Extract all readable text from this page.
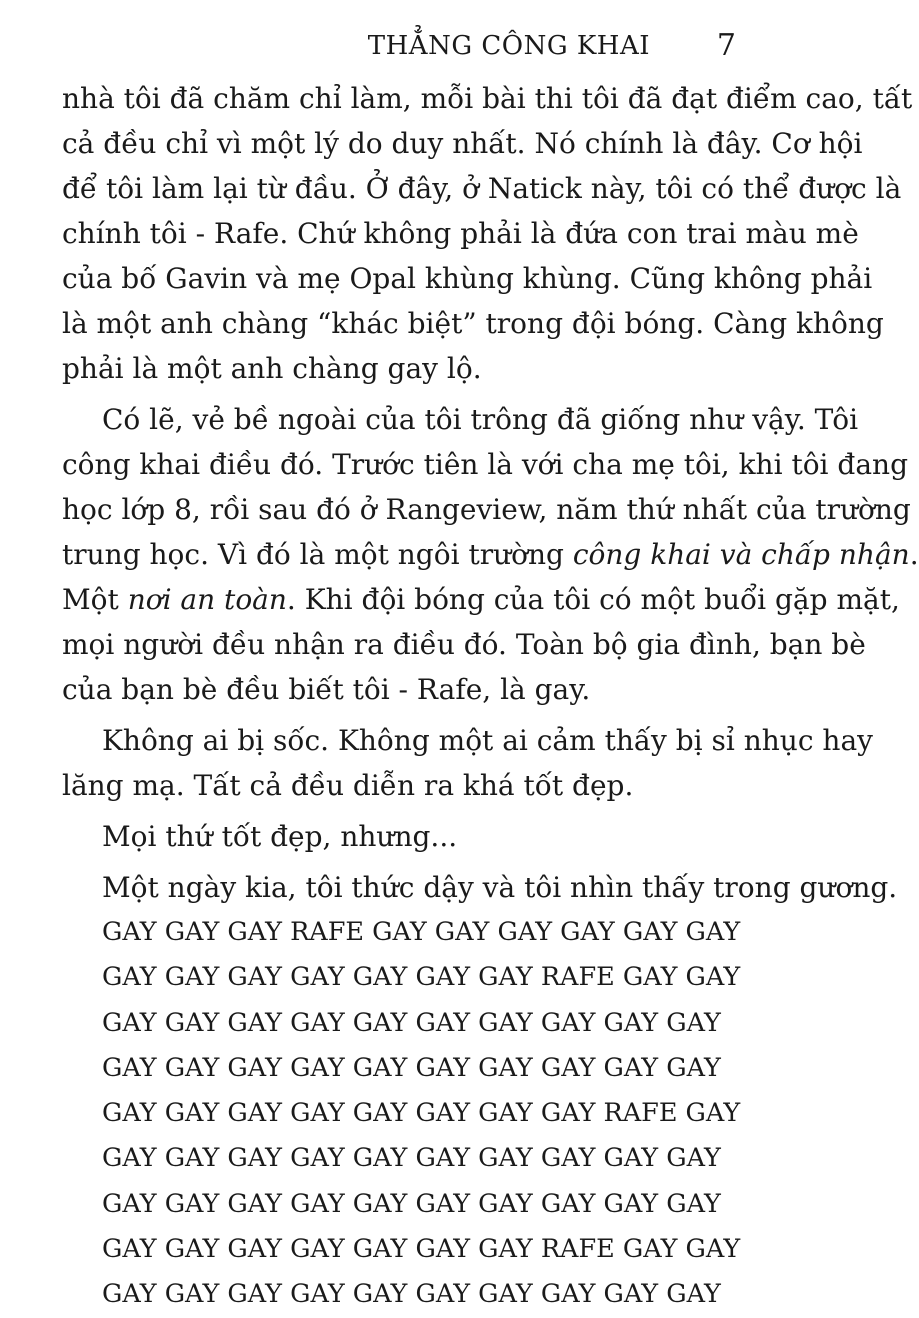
THẲNG CÔNG KHAI 7
nhà tôi đã chăm chỉ làm, mỗi bài thi tôi đã đạt điểm cao, tất
cả đều chỉ vì một lý do duy nhất. Nó chính là đây. Cơ hội
để tôi làm lại từ đầu. Ở đây, ở Natick này, tôi có thể được là
chính tôi - Rafe. Chứ không phải là đứa con trai màu mè
của bố Gavin và mẹ Opal khùng khùng. Cũng không phải
là một anh chàng “khác biệt” trong đội bóng. Càng không
phải là một anh chàng gay lộ.
Có lẽ, vẻ bề ngoài của tôi trông đã giống như vậy. Tôi
công khai điều đó. Trước tiên là với cha mẹ tôi, khi tôi đang
học lớp 8, rồi sau đó ở Rangeview, năm thứ nhất của trường
trung học. Vì đó là một ngôi trường công khai và chấp nhận.
Một nơi an toàn. Khi đội bóng của tôi có một buổi gặp mặt,
mọi người đều nhận ra điều đó. Toàn bộ gia đình, bạn bè
của bạn bè đều biết tôi - Rafe, là gay.
Không ai bị sốc. Không một ai cảm thấy bị sỉ nhục hay
lăng mạ. Tất cả đều diễn ra khá tốt đẹp.
Mọi thứ tốt đẹp, nhưng...
Một ngày kia, tôi thức dậy và tôi nhìn thấy trong gương.
GAY GAY GAY RAFE GAY GAY GAY GAY GAY GAY
GAY GAY GAY GAY GAY GAY GAY RAFE GAY GAY
GAY GAY GAY GAY GAY GAY GAY GAY GAY GAY
GAY GAY GAY GAY GAY GAY GAY GAY GAY GAY
GAY GAY GAY GAY GAY GAY GAY GAY RAFE GAY
GAY GAY GAY GAY GAY GAY GAY GAY GAY GAY
GAY GAY GAY GAY GAY GAY GAY GAY GAY GAY
GAY GAY GAY GAY GAY GAY GAY RAFE GAY GAY
GAY GAY GAY GAY GAY GAY GAY GAY GAY GAY
